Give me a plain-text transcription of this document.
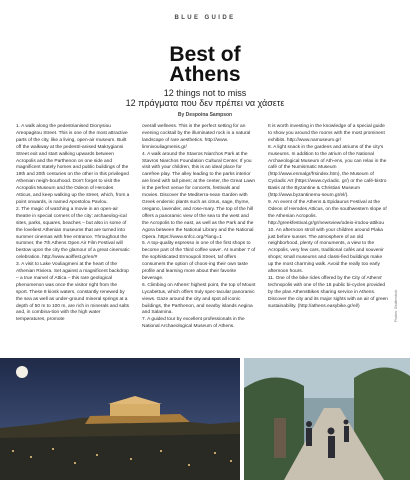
BLUE GUIDE
Best of
Athens
12 things not to miss
12 πράγματα που δεν πρέπει να χάσετε
By Despoina Sampson
1. A walk along the pedestrianised Dionysiou Areopagitou Street. This is one of the most attractive parts of the city, like a living, open-air museum. Built off the walkway at the pedestri-anised Makrygianni Street exit and start walking upwards between Acropolis and the Parthenon on one side and magnificent stately homes and public buildings of the 19th and 20th centuries on the other in this privileged Athenian neigh-bourhood. Don't forget to visit the Acropolis Museum and the Odeon of Herodes Atticus, and keep walking up the street, which, from a point onwards, is named Apostolou Pavlou.
2. The magic of watching a movie in an open-air theatre in special corners of the city: archaeolog-ical sites, parks, squares, beaches – but also in some of the loveliest Athenian museums that are turned into summer cinemas with free entrance. Throughout the summer, the 7th Athens Open Air Film Festival will bestow upon the city the glamour of a great cinematic celebration. http://www.aoiffest.gr/en/#
3. A visit to Lake Vouliagmeni at the heart of the Athenian Riviera. Set against a magnificent backdrop – a true marvel of Attica – this rare geological phenomenon was once the visitor right from the sport. These 8 kiosk waters, constantly renewed by the sea as well as under-ground mineral springs at a depth of 50 m to 100 m, are rich in minerals and salts and, in combina-tion with the high water temperatures, promote
overall wellness. This is the perfect setting for an evening cocktail by the illuminated rock in a natural landscape of rare aesthetics. http://www. limnivouliagmenis.gr/
4. A walk around the Stavros Niarchos Park at the Stavros Niarchos Foundation Cultural Center. If you visit with your children, this is an ideal place for carefree play. The alley leading to the parks interior are lined with tall pines; at the center, the Great Lawn is the perfect venue for concerts, festivals and movies. Discover the Mediterra-nean Garden with Greek endemic plants such as citrus, sage, thyme, oregano, lavender, and rose-mary. The top of the hill offers a panoramic view of the sea to the west and the Acropolis to the east, as well as the Park and the Agora between the National Library and the National Opera. https://www.snfcc.org/?lang=1
5. A top-quality espresso in one of the first shops to become part of the 'third coffee wave'. At number 7 of the sophisticated Ermoupoli Street, taf offers consumers the option of choos-ing their own taste profile and learning more about their favorite beverage.
6. Climbing on Athens' highest point, the top of Mount Lycabettus, which offers truly spec-tacular panoramic views. Gaze around the city and spot all iconic buildings, the Parthenon, and nearby islands Aegina and Salamina.
7. A guided tour by excellent professionals in the National Archaeological Museum of Athens.
It is worth investing in the knowledge of a special guide to show you around the rooms with the most prominent exhibits. http://www.namuseum.gr/
8. A light snack in the gardens and atriums of the city's museums. In addition to the atrium of the National Archaeological Museum of Ath-ens, you can relax in the café of the Numismatic Museum (http://www.enmalgr/frsindex.htm), the Museum of Cycladic Art (https://www.cycladic. gr/) or the café-bistro Basis at the Byzantine & Christian Museum (http://www.byzantinemu-seum.gr/el/).
9. An event of the Athens & Epidaurus Festival at the Odeon of Herodes Atticus, on the southwestern slope of the Athenian Acropolis. http://greekfestival.gr/gr/newsview/odeio-irodou-attikou
10. An afternoon stroll with your children around Plaka just before sunset. The atmosphere of an old neighborhood, plenty of monuments, a view to the Acropolis, very few cars, traditional cafés and souvenir shops; small museums and classi-fied buildings make up the most charming walk. Avoid the really too early afternoon hours.
11. One of the bike rides offered by the City of Athens' technopolis with one of the 18 public bi-cycles provided by the plan AthensBikes sharing service in Athens. Discover the city and its major sights with an air of green sustainability. (http://athens.easybike.gr/el/)	Photos: Shutterstock
